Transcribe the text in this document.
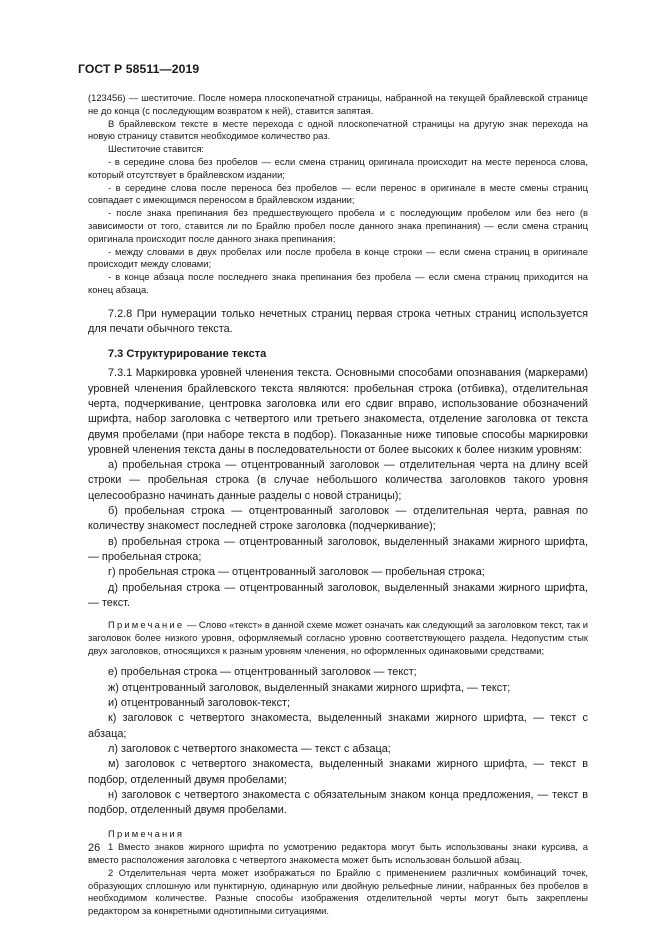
ГОСТ Р 58511—2019

(123456) — шеститочие. После номера плоскопечатной страницы, набранной на текущей брайлевской странице не до конца (с последующим возвратом к ней), ставится запятая.

В брайлевском тексте в месте перехода с одной плоскопечатной страницы на другую знак перехода на новую страницу ставится необходимое количество раз.

Шеститочие ставится:

- в середине слова без пробелов — если смена страниц оригинала происходит на месте переноса слова, который отсутствует в брайлевском издании;

- в середине слова после переноса без пробелов — если перенос в оригинале в месте смены страниц совпадает с имеющимся переносом в брайлевском издании;

- после знака препинания без предшествующего пробела и с последующим пробелом или без него (в зависимости от того, ставится ли по Брайлю пробел после данного знака препинания) — если смена страниц оригинала происходит после данного знака препинания;

- между словами в двух пробелах или после пробела в конце строки — если смена страниц в оригинале происходит между словами;

- в конце абзаца после последнего знака препинания без пробела — если смена страниц приходится на конец абзаца.

7.2.8 При нумерации только нечетных страниц первая строка четных страниц используется для печати обычного текста.

7.3 Структурирование текста

7.3.1 Маркировка уровней членения текста. Основными способами опознавания (маркерами) уровней членения брайлевского текста являются: пробельная строка (отбивка), отделительная черта, подчеркивание, центровка заголовка или его сдвиг вправо, использование обозначений шрифта, набор заголовка с четвертого или третьего знакоместа, отделение заголовка от текста двумя пробелами (при наборе текста в подбор). Показанные ниже типовые способы маркировки уровней членения текста даны в последовательности от более высоких к более низким уровням:

а) пробельная строка — отцентрованный заголовок — отделительная черта на длину всей строки — пробельная строка (в случае небольшого количества заголовков такого уровня целесообразно начинать данные разделы с новой страницы);

б) пробельная строка — отцентрованный заголовок — отделительная черта, равная по количеству знакомест последней строке заголовка (подчеркивание);

в) пробельная строка — отцентрованный заголовок, выделенный знаками жирного шрифта, — пробельная строка;

г) пробельная строка — отцентрованный заголовок — пробельная строка;

д) пробельная строка — отцентрованный заголовок, выделенный знаками жирного шрифта, — текст.

Примечание — Слово «текст» в данной схеме может означать как следующий за заголовком текст, так и заголовок более низкого уровня, оформляемый согласно уровню соответствующего раздела. Недопустим стык двух заголовков, относящихся к разным уровням членения, но оформленных одинаковыми средствами;

е) пробельная строка — отцентрованный заголовок — текст;

ж) отцентрованный заголовок, выделенный знаками жирного шрифта, — текст;

и) отцентрованный заголовок-текст;

к) заголовок с четвертого знакоместа, выделенный знаками жирного шрифта, — текст с абзаца;

л) заголовок с четвертого знакоместа — текст с абзаца;

м) заголовок с четвертого знакоместа, выделенный знаками жирного шрифта, — текст в подбор, отделенный двумя пробелами;

н) заголовок с четвертого знакоместа с обязательным знаком конца предложения, — текст в подбор, отделенный двумя пробелами.

Примечания

1 Вместо знаков жирного шрифта по усмотрению редактора могут быть использованы знаки курсива, а вместо расположения заголовка с четвертого знакоместа может быть использован большой абзац.

2 Отделительная черта может изображаться по Брайлю с применением различных комбинаций точек, образующих сплошную или пунктирную, одинарную или двойную рельефные линии, набранных без пробелов в необходимом количестве. Разные способы изображения отделительной черты могут быть закреплены редактором за конкретными однотипными ситуациями.

26
